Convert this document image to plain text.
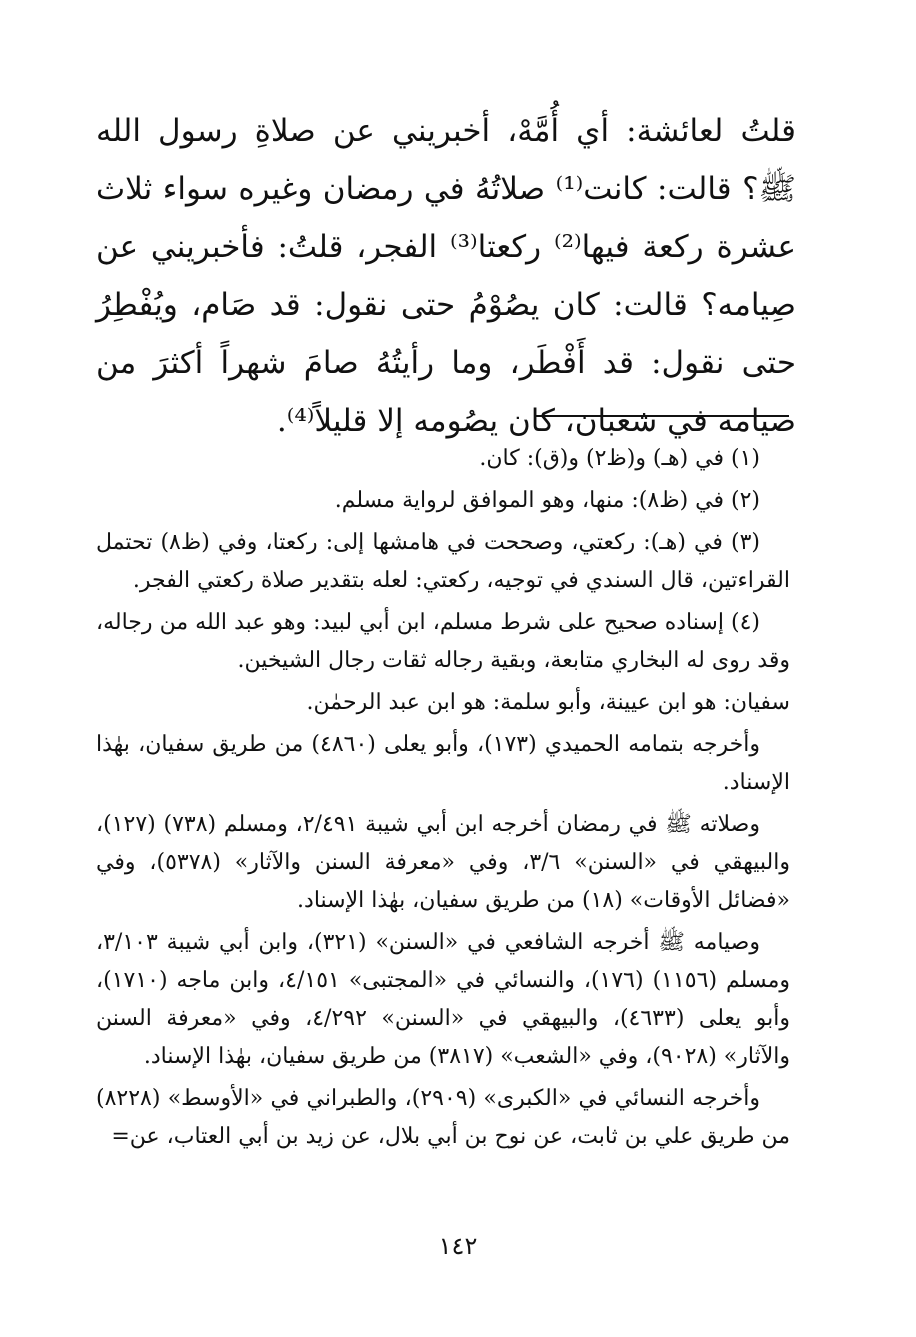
قلتُ لعائشة: أي أُمَّهْ، أخبريني عن صلاةِ رسول الله ﷺ؟ قالت: كانت⁽¹⁾ صلاتُهُ في رمضان وغيره سواء ثلاث عشرة ركعة فيها⁽²⁾ ركعتا⁽³⁾ الفجر، قلتُ: فأخبريني عن صِيامه؟ قالت: كان يصُوْمُ حتى نقول: قد صَام، ويُفْطِرُ حتى نقول: قد أَفْطَر، وما رأيتُهُ صامَ شهراً أكثرَ من صيامه في شعبان، كان يصُومه إلا قليلاً⁽⁴⁾.

(١) في (هـ) و(ظ٢) و(ق): كان.

(٢) في (ظ٨): منها، وهو الموافق لرواية مسلم.

(٣) في (هـ): ركعتي، وصححت في هامشها إلى: ركعتا، وفي (ظ٨) تحتمل القراءتين، قال السندي في توجيه، ركعتي: لعله بتقدير صلاة ركعتي الفجر.

(٤) إسناده صحيح على شرط مسلم، ابن أبي لبيد: وهو عبد الله من رجاله، وقد روى له البخاري متابعة، وبقية رجاله ثقات رجال الشيخين.

سفيان: هو ابن عيينة، وأبو سلمة: هو ابن عبد الرحمٰن.

وأخرجه بتمامه الحميدي (١٧٣)، وأبو يعلى (٤٨٦٠) من طريق سفيان، بهٰذا الإسناد.

وصلاته ﷺ في رمضان أخرجه ابن أبي شيبة ٢/٤٩١، ومسلم (٧٣٨) (١٢٧)، والبيهقي في «السنن» ٣/٦، وفي «معرفة السنن والآثار» (٥٣٧٨)، وفي «فضائل الأوقات» (١٨) من طريق سفيان، بهٰذا الإسناد.

وصيامه ﷺ أخرجه الشافعي في «السنن» (٣٢١)، وابن أبي شيبة ٣/١٠٣، ومسلم (١١٥٦) (١٧٦)، والنسائي في «المجتبى» ٤/١٥١، وابن ماجه (١٧١٠)، وأبو يعلى (٤٦٣٣)، والبيهقي في «السنن» ٤/٢٩٢، وفي «معرفة السنن والآثار» (٩٠٢٨)، وفي «الشعب» (٣٨١٧) من طريق سفيان، بهٰذا الإسناد.

وأخرجه النسائي في «الكبرى» (٢٩٠٩)، والطبراني في «الأوسط» (٨٢٢٨) من طريق علي بن ثابت، عن نوح بن أبي بلال، عن زيد بن أبي العتاب، عن=

١٤٢
